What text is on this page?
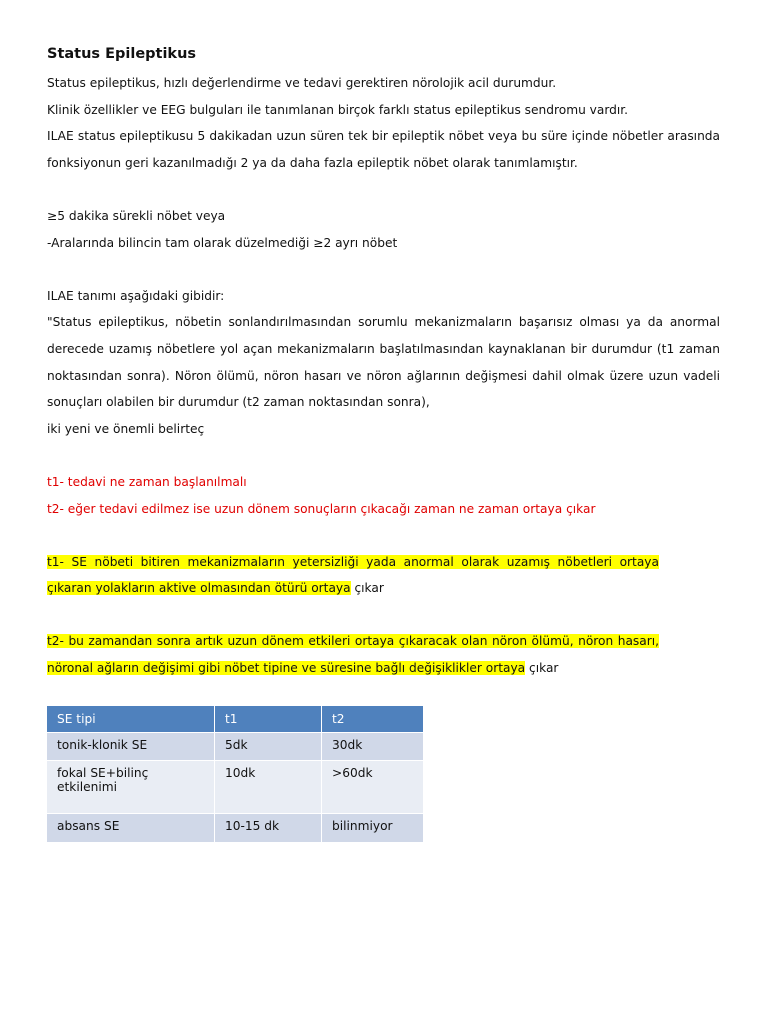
Status Epileptikus

Status epileptikus, hızlı değerlendirme ve tedavi gerektiren nörolojik acil durumdur.

Klinik özellikler ve EEG bulguları ile tanımlanan birçok farklı status epileptikus sendromu vardır.

ILAE status epileptikusu 5 dakikadan uzun süren tek bir epileptik nöbet veya bu süre içinde nöbetler arasında fonksiyonun geri kazanılmadığı 2 ya da daha fazla epileptik nöbet olarak tanımlamıştır.

≥5 dakika sürekli nöbet veya

-Aralarında bilincin tam olarak düzelmediği ≥2 ayrı nöbet

ILAE tanımı aşağıdaki gibidir:

"Status epileptikus, nöbetin sonlandırılmasından sorumlu mekanizmaların başarısız olması ya da anormal derecede uzamış nöbetlere yol açan mekanizmaların başlatılmasından kaynaklanan bir durumdur (t1 zaman noktasından sonra). Nöron ölümü, nöron hasarı ve nöron ağlarının değişmesi dahil olmak üzere uzun vadeli sonuçları olabilen bir durumdur (t2 zaman noktasından sonra),

iki yeni ve önemli belirteç

t1- tedavi ne zaman başlanılmalı

t2- eğer tedavi edilmez ise uzun dönem sonuçların çıkacağı zaman ne zaman ortaya çıkar

t1- SE nöbeti bitiren mekanizmaların yetersizliği yada anormal olarak uzamış nöbetleri ortaya çıkaran yolakların aktive olmasından ötürü ortaya çıkar

t2- bu zamandan sonra artık uzun dönem etkileri ortaya çıkaracak olan nöron ölümü, nöron hasarı, nöronal ağların değişimi gibi nöbet tipine ve süresine bağlı değişiklikler ortaya çıkar

SE tipi	t1	t2
tonik-klonik SE	5dk	30dk
fokal SE+bilinç etkilenimi	10dk	>60dk
absans SE	10-15 dk	bilinmiyor
